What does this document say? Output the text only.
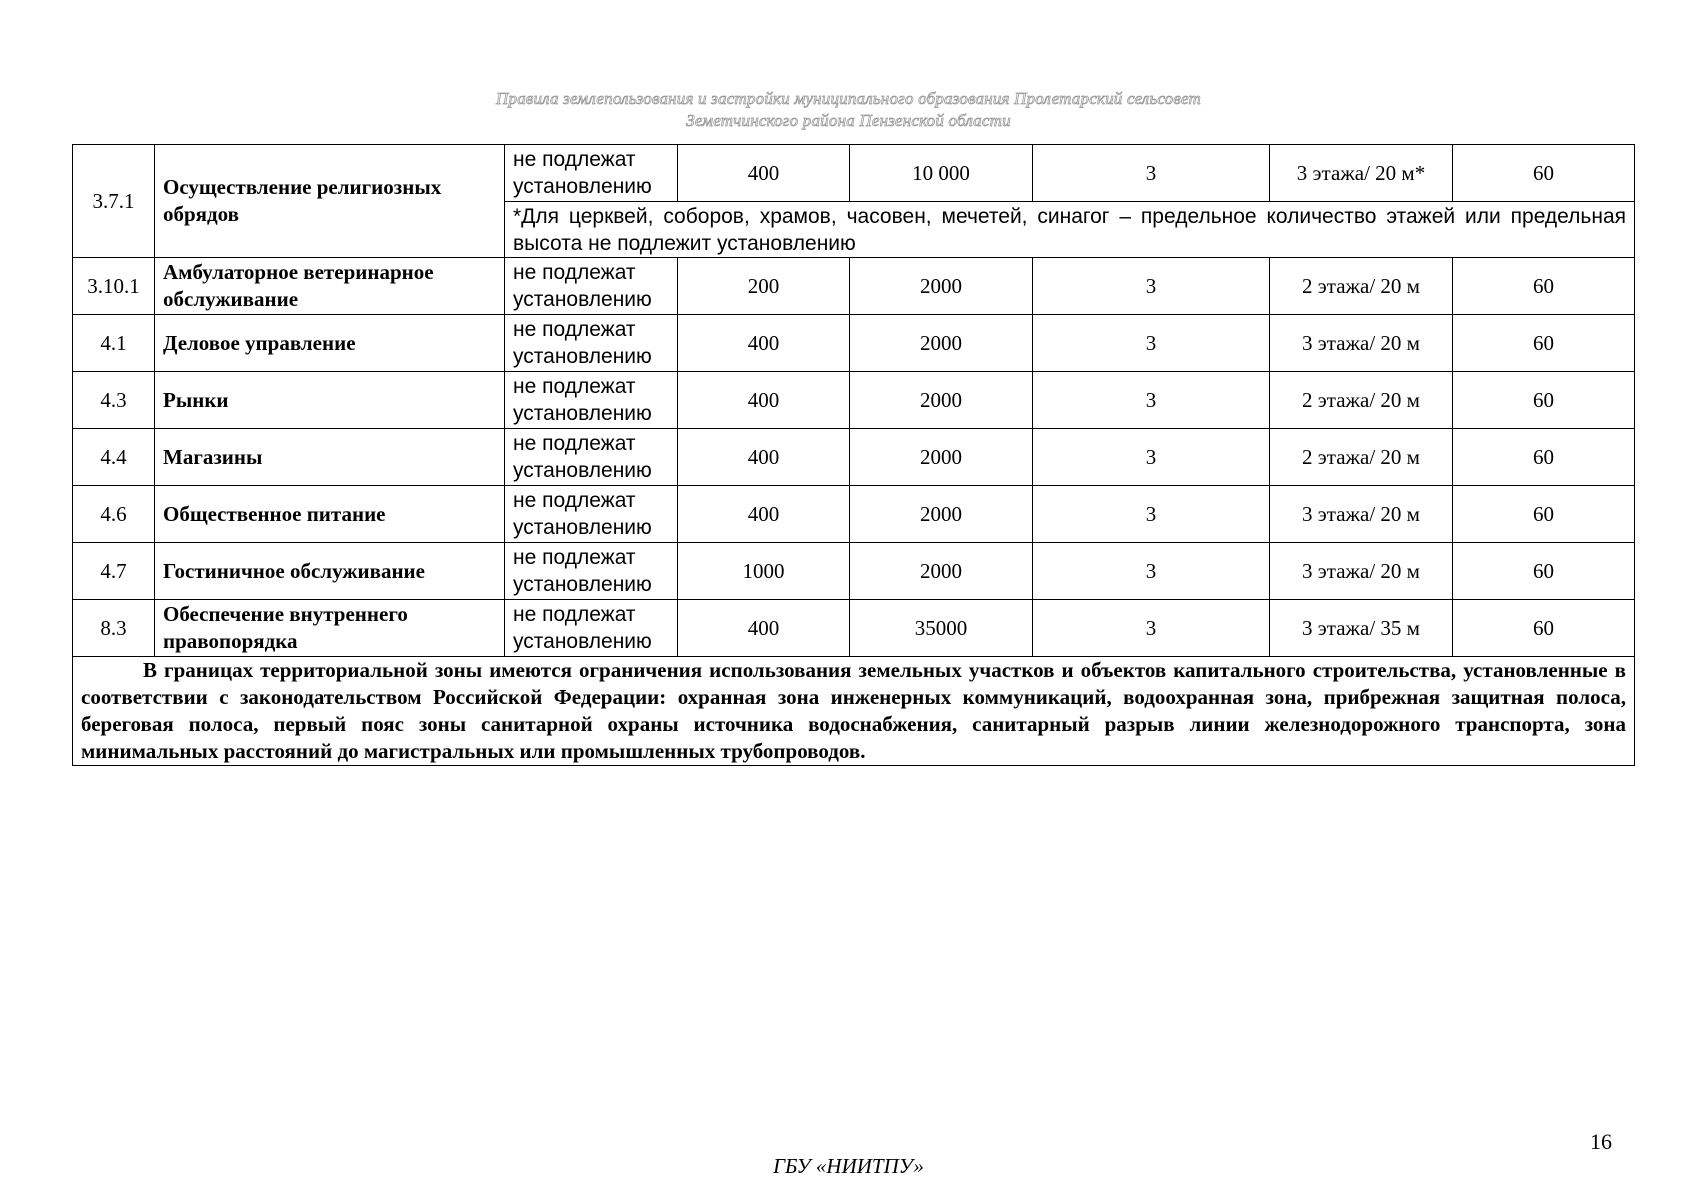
Правила землепользования и застройки муниципального образования Пролетарский сельсовет
Земетчинского района Пензенской области
3.7.1	Осуществление религиозных обрядов	не подлежат установлению	400	10 000	3	3 этажа/ 20 м*	60
		*Для церквей, соборов, храмов, часовен, мечетей, синагог – предельное количество этажей или предельная высота не подлежит установлению					
3.10.1	Амбулаторное ветеринарное обслуживание	не подлежат установлению	200	2000	3	2 этажа/ 20 м	60
4.1	Деловое управление	не подлежат установлению	400	2000	3	3 этажа/ 20 м	60
4.3	Рынки	не подлежат установлению	400	2000	3	2 этажа/ 20 м	60
4.4	Магазины	не подлежат установлению	400	2000	3	2 этажа/ 20 м	60
4.6	Общественное питание	не подлежат установлению	400	2000	3	3 этажа/ 20 м	60
4.7	Гостиничное обслуживание	не подлежат установлению	1000	2000	3	3 этажа/ 20 м	60
8.3	Обеспечение внутреннего правопорядка	не подлежат установлению	400	35000	3	3 этажа/ 35 м	60
В границах территориальной зоны имеются ограничения использования земельных участков и объектов капитального строительства, установленные в соответствии с законодательством Российской Федерации: охранная зона инженерных коммуникаций, водоохранная зона, прибрежная защитная полоса, береговая полоса, первый пояс зоны санитарной охраны источника водоснабжения, санитарный разрыв линии железнодорожного транспорта, зона минимальных расстояний до магистральных или промышленных трубопроводов.							
16
ГБУ «НИИТПУ»
